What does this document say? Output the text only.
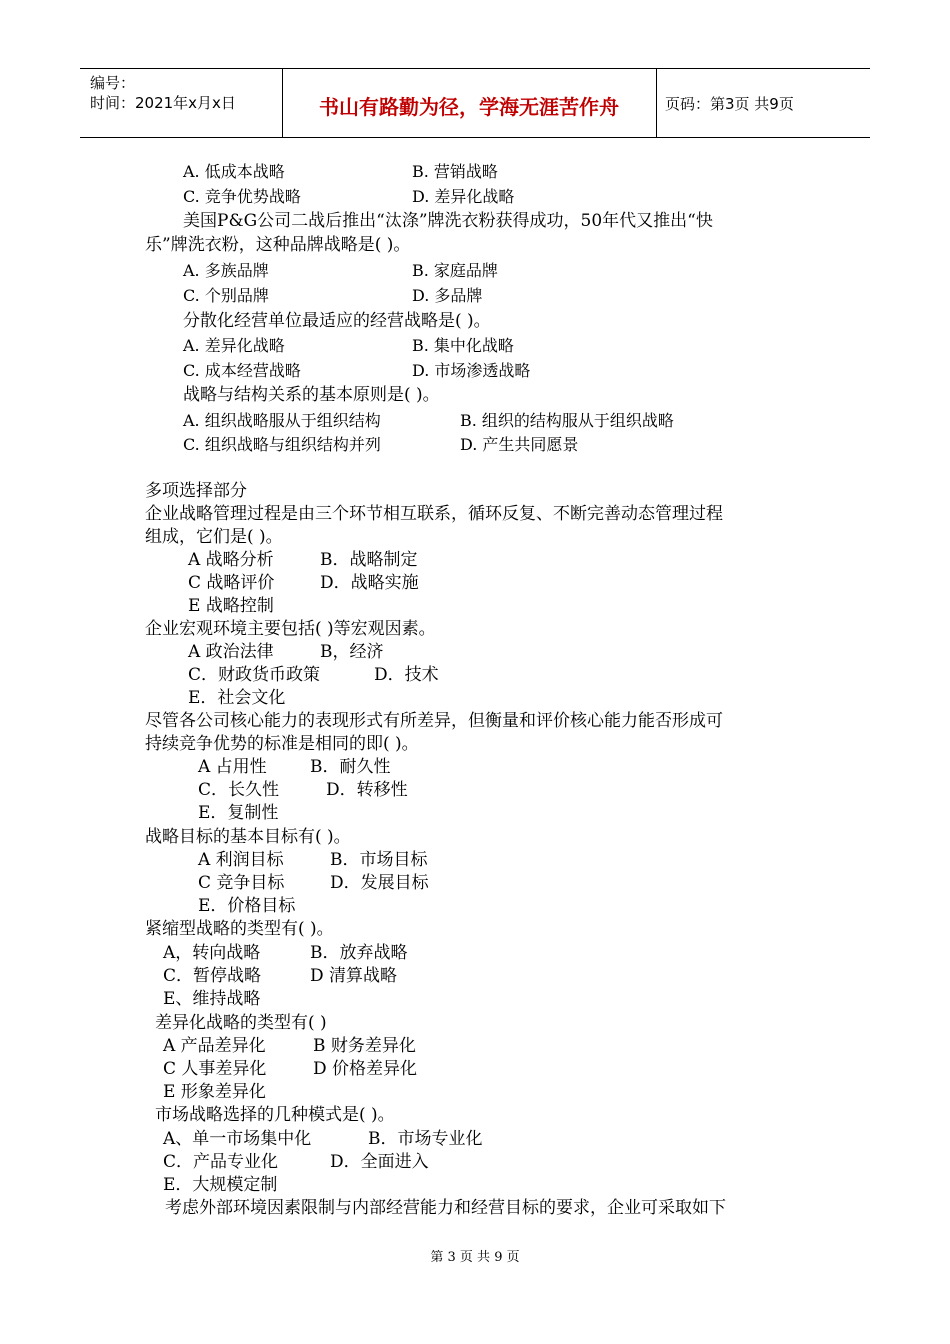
编号：
时间：2021年x月x日	书山有路勤为径，学海无涯苦作舟	页码：第3页 共9页
A. 低成本战略	B. 营销战略
C. 竞争优势战略	D. 差异化战略
美国P&G公司二战后推出“汰涤”牌洗衣粉获得成功，50年代又推出“快
乐”牌洗衣粉，这种品牌战略是( )。
A. 多族品牌	B. 家庭品牌
C. 个别品牌	D. 多品牌
分散化经营单位最适应的经营战略是( )。
A. 差异化战略	B. 集中化战略
C. 成本经营战略	D. 市场渗透战略
战略与结构关系的基本原则是( )。
A. 组织战略服从于组织结构	B. 组织的结构服从于组织战略
C. 组织战略与组织结构并列	D. 产生共同愿景
多项选择部分
企业战略管理过程是由三个环节相互联系，循环反复、不断完善动态管理过程
组成，它们是( )。
A 战略分析	B．战略制定
C 战略评价	D．战略实施
E 战略控制
企业宏观环境主要包括( )等宏观因素。
A 政治法律	B，经济
C．财政货币政策	D．技术
E．社会文化
尽管各公司核心能力的表现形式有所差异，但衡量和评价核心能力能否形成可
持续竞争优势的标准是相同的即( )。
A 占用性	B．耐久性
C．长久性	D．转移性
E．复制性
战略目标的基本目标有( )。
A 利润目标	B．市场目标
C 竞争目标	D．发展目标
E．价格目标
紧缩型战略的类型有( )。
A，转向战略	B．放弃战略
C．暂停战略	D 清算战略
E、维持战略
差异化战略的类型有( )
A 产品差异化	B 财务差异化
C 人事差异化	D 价格差异化
E 形象差异化
市场战略选择的几种模式是( )。
A、单一市场集中化	B．市场专业化
C．产品专业化	D．全面进入
E．大规模定制
考虑外部环境因素限制与内部经营能力和经营目标的要求，企业可采取如下
第 3 页 共 9 页
